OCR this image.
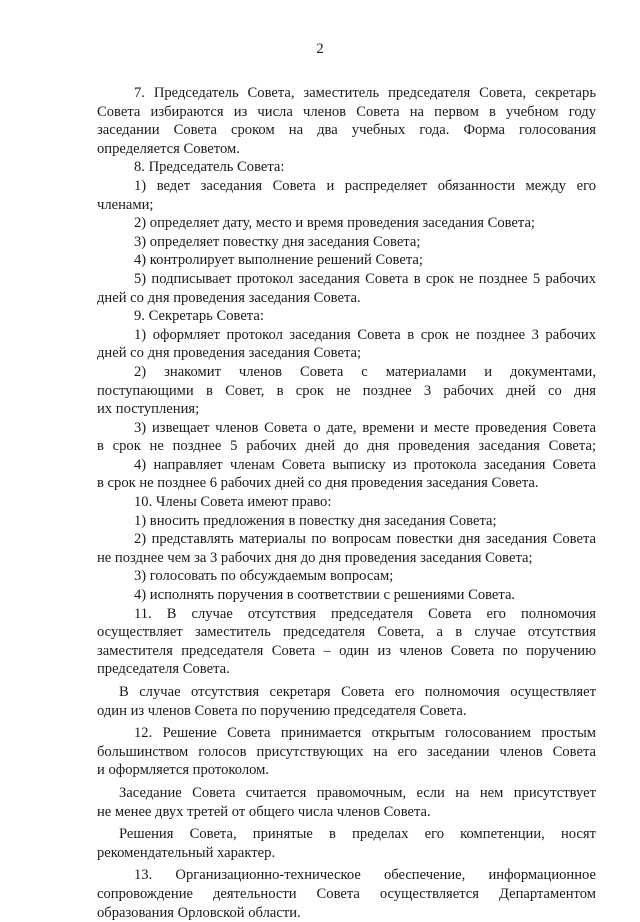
2
7. Председатель Совета, заместитель председателя Совета, секретарь
Совета избираются из числа членов Совета на первом в учебном году
заседании Совета сроком на два учебных года. Форма голосования
определяется Советом.
8. Председатель Совета:
1) ведет заседания Совета и распределяет обязанности между его
членами;
2) определяет дату, место и время проведения заседания Совета;
3) определяет повестку дня заседания Совета;
4) контролирует выполнение решений Совета;
5) подписывает протокол заседания Совета в срок не позднее 5 рабочих
дней со дня проведения заседания Совета.
9. Секретарь Совета:
1) оформляет протокол заседания Совета в срок не позднее 3 рабочих
дней со дня проведения заседания Совета;
2) знакомит членов Совета с материалами и документами,
поступающими в Совет, в срок не позднее 3 рабочих дней со дня
их поступления;
3) извещает членов Совета о дате, времени и месте проведения Совета
в срок не позднее 5 рабочих дней до дня проведения заседания Совета;
4) направляет членам Совета выписку из протокола заседания Совета
в срок не позднее 6 рабочих дней со дня проведения заседания Совета.
10. Члены Совета имеют право:
1) вносить предложения в повестку дня заседания Совета;
2) представлять материалы по вопросам повестки дня заседания Совета
не позднее чем за 3 рабочих дня до дня проведения заседания Совета;
3) голосовать по обсуждаемым вопросам;
4) исполнять поручения в соответствии с решениями Совета.
11. В случае отсутствия председателя Совета его полномочия
осуществляет заместитель председателя Совета, а в случае отсутствия
заместителя председателя Совета – один из членов Совета по поручению
председателя Совета.
В случае отсутствия секретаря Совета его полномочия осуществляет
один из членов Совета по поручению председателя Совета.
12. Решение Совета принимается открытым голосованием простым
большинством голосов присутствующих на его заседании членов Совета
и оформляется протоколом.
Заседание Совета считается правомочным, если на нем присутствует
не менее двух третей от общего числа членов Совета.
Решения Совета, принятые в пределах его компетенции, носят
рекомендательный характер.
13. Организационно-техническое обеспечение, информационное
сопровождение деятельности Совета осуществляется Департаментом
образования Орловской области.
